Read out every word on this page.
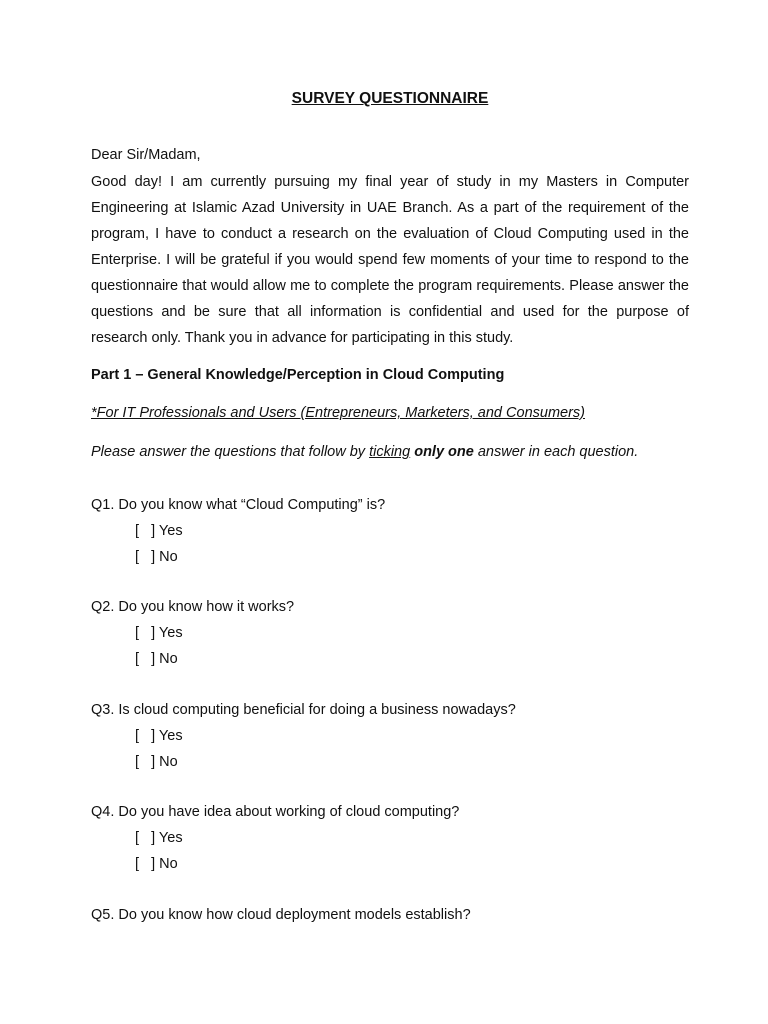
SURVEY QUESTIONNAIRE
Dear Sir/Madam,
Good day! I am currently pursuing my final year of study in my Masters in Computer Engineering at Islamic Azad University in UAE Branch. As a part of the requirement of the program, I have to conduct a research on the evaluation of Cloud Computing used in the Enterprise. I will be grateful if you would spend few moments of your time to respond to the questionnaire that would allow me to complete the program requirements. Please answer the questions and be sure that all information is confidential and used for the purpose of research only. Thank you in advance for participating in this study.
Part 1 – General Knowledge/Perception in Cloud Computing
*For IT Professionals and Users (Entrepreneurs, Marketers, and Consumers)
Please answer the questions that follow by ticking only one answer in each question.
Q1. Do you know what “Cloud Computing” is?
[   ] Yes
[   ] No
Q2. Do you know how it works?
[   ] Yes
[   ] No
Q3. Is cloud computing beneficial for doing a business nowadays?
[   ] Yes
[   ] No
Q4. Do you have idea about working of cloud computing?
[   ] Yes
[   ] No
Q5. Do you know how cloud deployment models establish?
